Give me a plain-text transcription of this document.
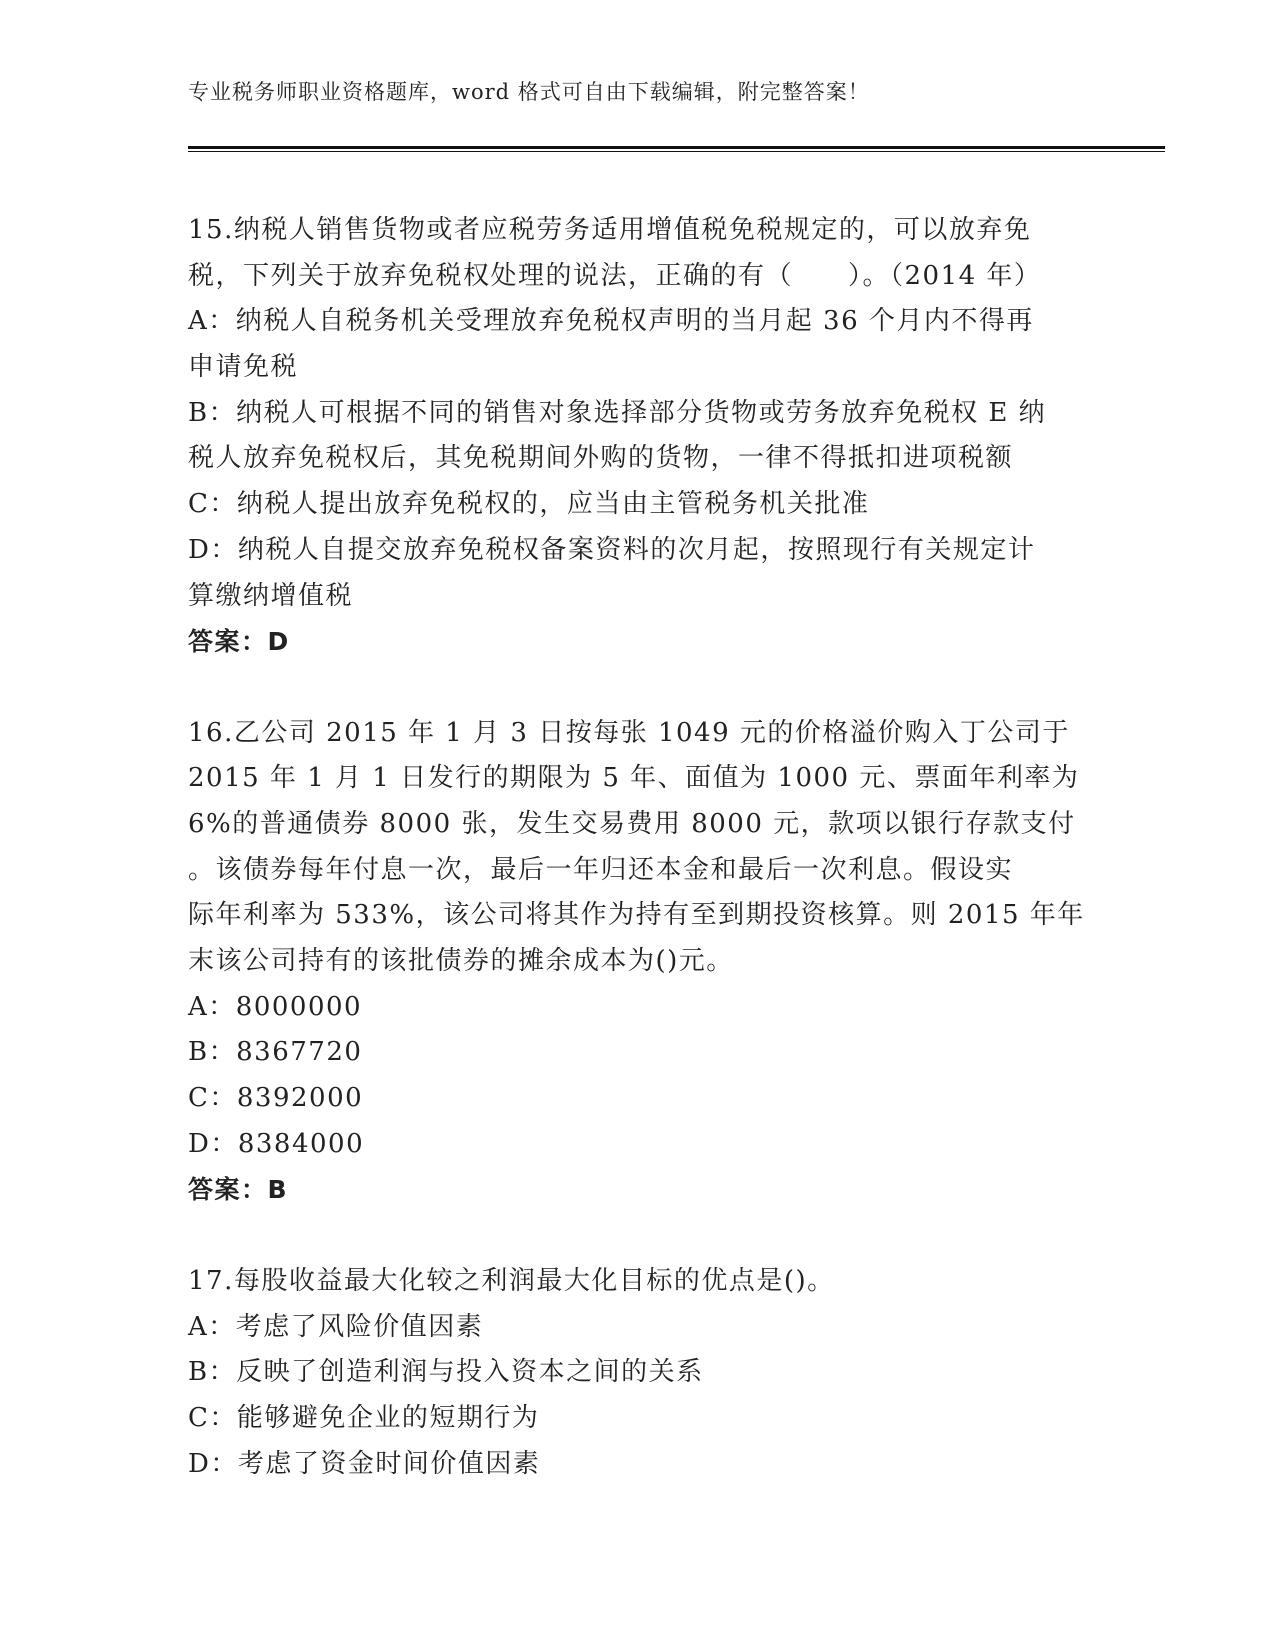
专业税务师职业资格题库，word 格式可自由下载编辑，附完整答案！
15.纳税人销售货物或者应税劳务适用增值税免税规定的，可以放弃免
税，下列关于放弃免税权处理的说法，正确的有（　　）。（2014 年）
A：纳税人自税务机关受理放弃免税权声明的当月起 36 个月内不得再
申请免税
B：纳税人可根据不同的销售对象选择部分货物或劳务放弃免税权 E 纳
税人放弃免税权后，其免税期间外购的货物，一律不得抵扣进项税额
C：纳税人提出放弃免税权的，应当由主管税务机关批准
D：纳税人自提交放弃免税权备案资料的次月起，按照现行有关规定计
算缴纳增值税
答案：D
16.乙公司 2015 年 1 月 3 日按每张 1049 元的价格溢价购入丁公司于
2015 年 1 月 1 日发行的期限为 5 年、面值为 1000 元、票面年利率为
6%的普通债券 8000 张，发生交易费用 8000 元，款项以银行存款支付
。该债券每年付息一次，最后一年归还本金和最后一次利息。假设实
际年利率为 533%，该公司将其作为持有至到期投资核算。则 2015 年年
末该公司持有的该批债券的摊余成本为()元。
A：8000000
B：8367720
C：8392000
D：8384000
答案：B
17.每股收益最大化较之利润最大化目标的优点是()。
A：考虑了风险价值因素
B：反映了创造利润与投入资本之间的关系
C：能够避免企业的短期行为
D：考虑了资金时间价值因素
